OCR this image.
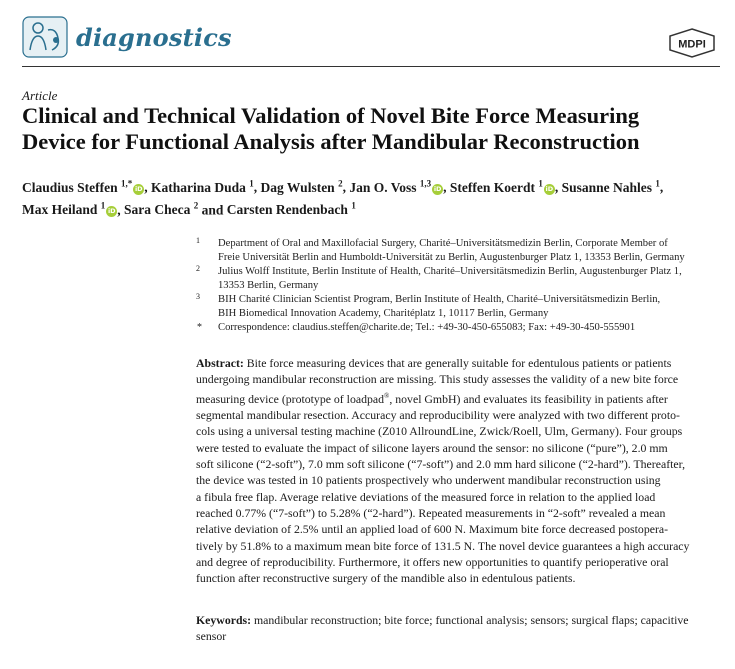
diagnostics	MDPI
Article
Clinical and Technical Validation of Novel Bite Force Measuring
Device for Functional Analysis after Mandibular Reconstruction
Claudius Steffen $^{1,*}$iD , Katharina Duda $^1$, Dag Wulsten $^2$, Jan O. Voss $^{1,3}$iD , Steffen Koerdt $^1$iD , Susanne Nahles $^1$,
Max Heiland $^1$iD , Sara Checa $^2$ and Carsten Rendenbach $^1$
1 Department of Oral and Maxillofacial Surgery, Charité–Universitätsmedizin Berlin, Corporate Member of
Freie Universität Berlin and Humboldt-Universität zu Berlin, Augustenburger Platz 1, 13353 Berlin, Germany
2 Julius Wolff Institute, Berlin Institute of Health, Charité–Universitätsmedizin Berlin, Augustenburger Platz 1,
13353 Berlin, Germany
3 BIH Charité Clinician Scientist Program, Berlin Institute of Health, Charité–Universitätsmedizin Berlin,
BIH Biomedical Innovation Academy, Charitéplatz 1, 10117 Berlin, Germany
* Correspondence: claudius.steffen@charite.de; Tel.: +49-30-450-655083; Fax: +49-30-450-555901
Abstract: Bite force measuring devices that are generally suitable for edentulous patients or patients
undergoing mandibular reconstruction are missing. This study assesses the validity of a new bite force
measuring device (prototype of loadpad®, novel GmbH) and evaluates its feasibility in patients after
segmental mandibular resection. Accuracy and reproducibility were analyzed with two different proto-
cols using a universal testing machine (Z010 AllroundLine, Zwick/Roell, Ulm, Germany). Four groups
were tested to evaluate the impact of silicone layers around the sensor: no silicone (“pure”), 2.0 mm
soft silicone (“2-soft”), 7.0 mm soft silicone (“7-soft”) and 2.0 mm hard silicone (“2-hard”). Thereafter,
the device was tested in 10 patients prospectively who underwent mandibular reconstruction using
a fibula free flap. Average relative deviations of the measured force in relation to the applied load
reached 0.77% (“7-soft”) to 5.28% (“2-hard”). Repeated measurements in “2-soft” revealed a mean
relative deviation of 2.5% until an applied load of 600 N. Maximum bite force decreased postopera-
tively by 51.8% to a maximum mean bite force of 131.5 N. The novel device guarantees a high accuracy
and degree of reproducibility. Furthermore, it offers new opportunities to quantify perioperative oral
function after reconstructive surgery of the mandible also in edentulous patients.
Keywords: mandibular reconstruction; bite force; functional analysis; sensors; surgical flaps; capacitive sensor
